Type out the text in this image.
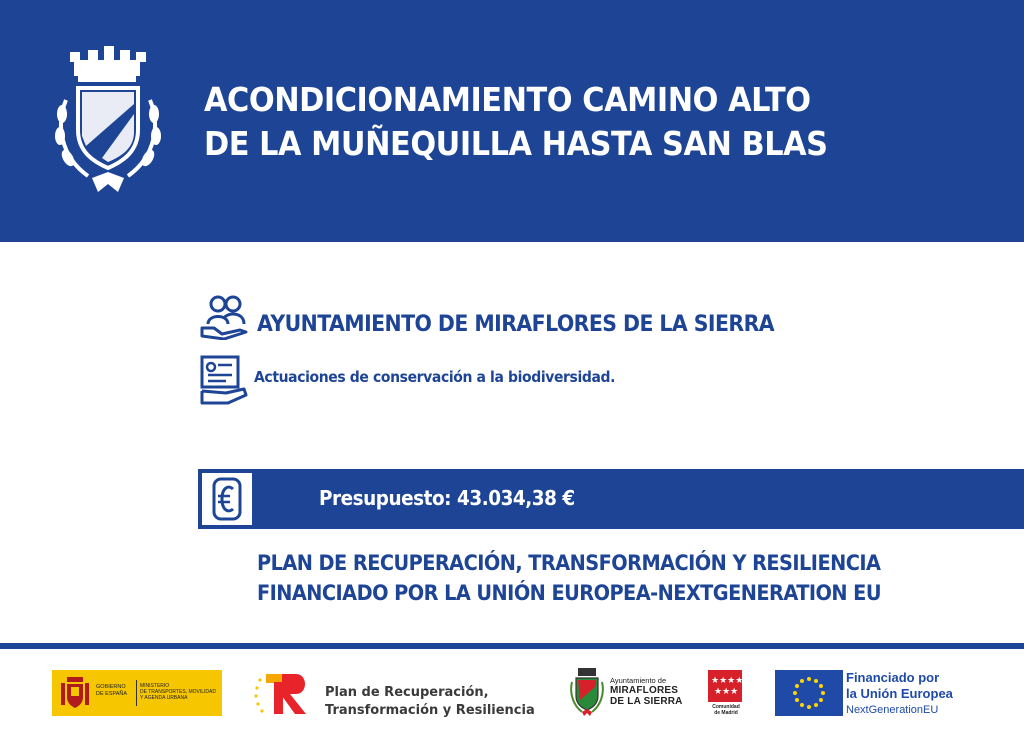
ACONDICIONAMIENTO CAMINO ALTO
DE LA MUÑEQUILLA HASTA SAN BLAS
AYUNTAMIENTO DE MIRAFLORES DE LA SIERRA
Actuaciones de conservación a la biodiversidad.
Presupuesto: 43.034,38 €
PLAN DE RECUPERACIÓN, TRANSFORMACIÓN Y RESILIENCIA
FINANCIADO POR LA UNIÓN EUROPEA-NEXTGENERATION EU
GOBIERNO
DE ESPAÑA
MINISTERIO
DE TRANSPORTES, MOVILIDAD
Y AGENDA URBANA	Plan de Recuperación,
Transformación y Resiliencia
Ayuntamiento de
MIRAFLORES
DE LA SIERRA
★★★★
★★★
Comunidad
de Madrid
Financiado por
la Unión Europea
NextGenerationEU
